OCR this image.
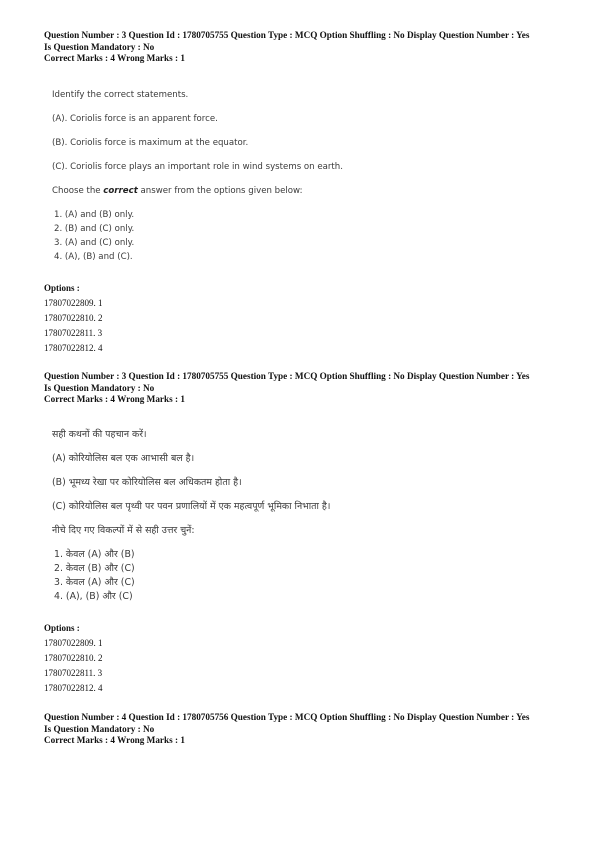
Question Number : 3 Question Id : 1780705755 Question Type : MCQ Option Shuffling : No Display Question Number : Yes
Is Question Mandatory : No
Correct Marks : 4 Wrong Marks : 1
Identify the correct statements.
(A). Coriolis force is an apparent force.
(B). Coriolis force is maximum at the equator.
(C). Coriolis force plays an important role in wind systems on earth.
Choose the correct answer from the options given below:
1. (A) and (B) only.
2. (B) and (C) only.
3. (A) and (C) only.
4. (A), (B) and (C).
Options :
17807022809. 1
17807022810. 2
17807022811. 3
17807022812. 4
Question Number : 3 Question Id : 1780705755 Question Type : MCQ Option Shuffling : No Display Question Number : Yes
Is Question Mandatory : No
Correct Marks : 4 Wrong Marks : 1
सही कथनों की पहचान करें।
(A) कोरियोलिस बल एक आभासी बल है।
(B) भूमध्य रेखा पर कोरियोलिस बल अधिकतम होता है।
(C) कोरियोलिस बल पृथ्वी पर पवन प्रणालियों में एक महत्वपूर्ण भूमिका निभाता है।
नीचे दिए गए विकल्पों में से सही उत्तर चुनें:
1. केवल (A) और (B)
2. केवल (B) और (C)
3. केवल (A) और (C)
4. (A), (B) और (C)
Options :
17807022809. 1
17807022810. 2
17807022811. 3
17807022812. 4
Question Number : 4 Question Id : 1780705756 Question Type : MCQ Option Shuffling : No Display Question Number : Yes
Is Question Mandatory : No
Correct Marks : 4 Wrong Marks : 1
